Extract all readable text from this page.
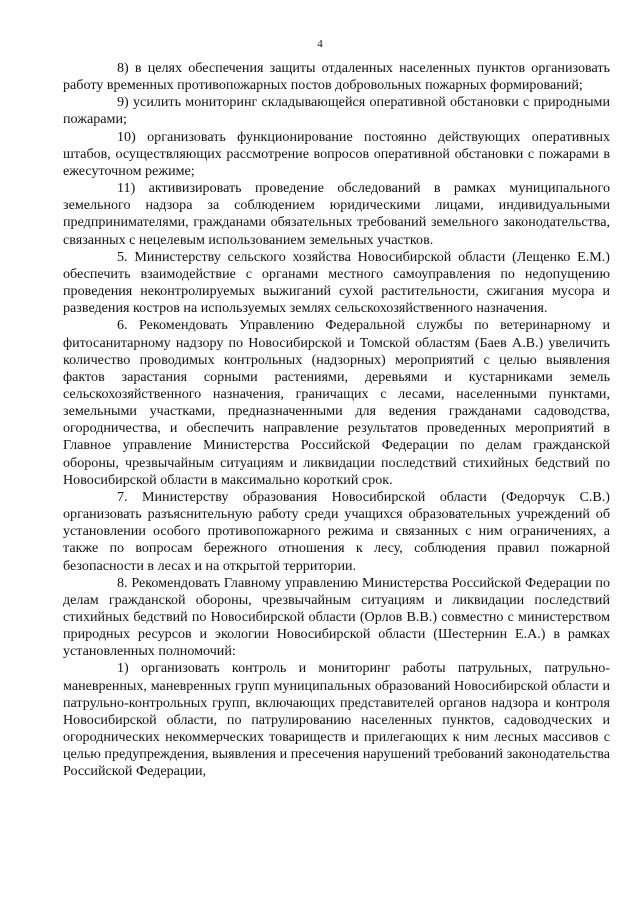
4

8) в целях обеспечения защиты отдаленных населенных пунктов организовать работу временных противопожарных постов добровольных пожарных формирований;

9) усилить мониторинг складывающейся оперативной обстановки с природными пожарами;

10) организовать функционирование постоянно действующих оперативных штабов, осуществляющих рассмотрение вопросов оперативной обстановки с пожарами в ежесуточном режиме;

11) активизировать проведение обследований в рамках муниципального земельного надзора за соблюдением юридическими лицами, индивидуальными предпринимателями, гражданами обязательных требований земельного законодательства, связанных с нецелевым использованием земельных участков.

5. Министерству сельского хозяйства Новосибирской области (Лещенко Е.М.) обеспечить взаимодействие с органами местного самоуправления по недопущению проведения неконтролируемых выжиганий сухой растительности, сжигания мусора и разведения костров на используемых землях сельскохозяйственного назначения.

6. Рекомендовать Управлению Федеральной службы по ветеринарному и фитосанитарному надзору по Новосибирской и Томской областям (Баев А.В.) увеличить количество проводимых контрольных (надзорных) мероприятий с целью выявления фактов зарастания сорными растениями, деревьями и кустарниками земель сельскохозяйственного назначения, граничащих с лесами, населенными пунктами, земельными участками, предназначенными для ведения гражданами садоводства, огородничества, и обеспечить направление результатов проведенных мероприятий в Главное управление Министерства Российской Федерации по делам гражданской обороны, чрезвычайным ситуациям и ликвидации последствий стихийных бедствий по Новосибирской области в максимально короткий срок.

7. Министерству образования Новосибирской области (Федорчук С.В.) организовать разъяснительную работу среди учащихся образовательных учреждений об установлении особого противопожарного режима и связанных с ним ограничениях, а также по вопросам бережного отношения к лесу, соблюдения правил пожарной безопасности в лесах и на открытой территории.

8. Рекомендовать Главному управлению Министерства Российской Федерации по делам гражданской обороны, чрезвычайным ситуациям и ликвидации последствий стихийных бедствий по Новосибирской области (Орлов В.В.) совместно с министерством природных ресурсов и экологии Новосибирской области (Шестернин Е.А.) в рамках установленных полномочий:

1) организовать контроль и мониторинг работы патрульных, патрульно-маневренных, маневренных групп муниципальных образований Новосибирской области и патрульно-контрольных групп, включающих представителей органов надзора и контроля Новосибирской области, по патрулированию населенных пунктов, садоводческих и огороднических некоммерческих товариществ и прилегающих к ним лесных массивов с целью предупреждения, выявления и пресечения нарушений требований законодательства Российской Федерации,
